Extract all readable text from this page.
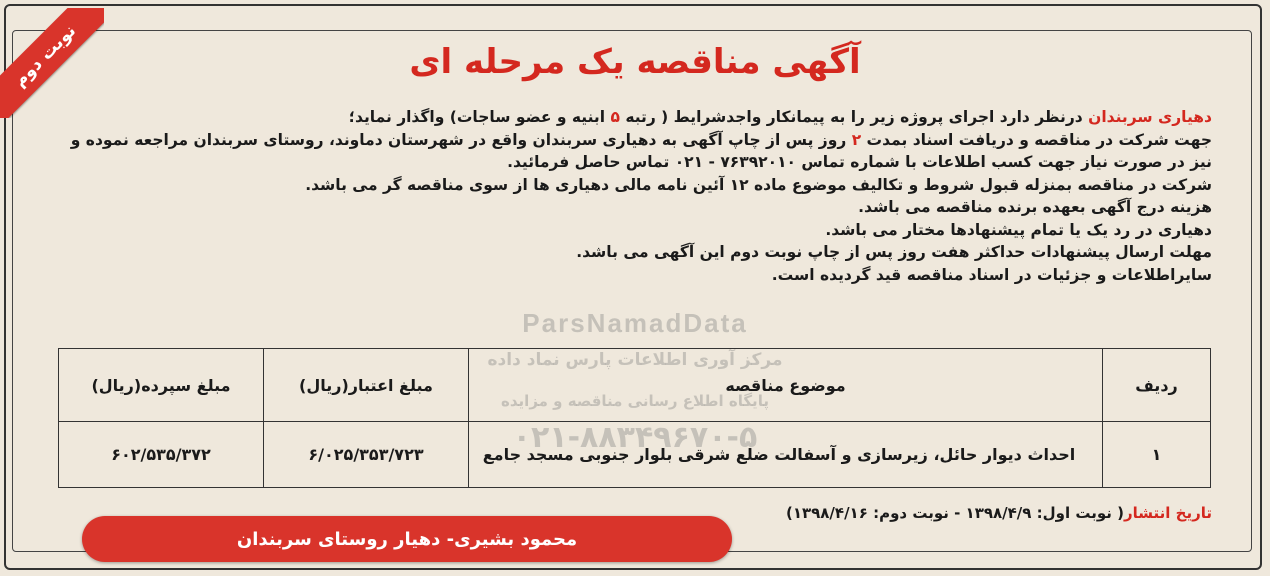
نوبت دوم	آگهی مناقصه یک مرحله ای
ParsNamadData
مرکز آوری اطلاعات پارس نماد داده
پایگاه اطلاع رسانی مناقصه و مزایده
۰۲۱-۸۸۳۴۹۶۷۰-۵

دهیاری سربندان درنظر دارد اجرای پروژه زیر را به پیمانکار واجدشرایط ( رتبه ۵ ابنیه و عضو ساجات) واگذار نماید؛

جهت شرکت در مناقصه و دریافت اسناد بمدت ۲ روز پس از چاپ آگهی به دهیاری سربندان واقع در شهرستان دماوند، روستای سربندان مراجعه نموده و

نیز در صورت نیاز جهت کسب اطلاعات با شماره تماس ۷۶۳۹۲۰۱۰ - ۰۲۱ تماس حاصل فرمائید.

شرکت در مناقصه بمنزله قبول شروط و تکالیف موضوع ماده ۱۲ آئین نامه مالی دهیاری ها از سوی مناقصه گر می باشد.

هزینه درج آگهی بعهده برنده مناقصه می باشد.

دهیاری در رد یک یا تمام پیشنهادها مختار می باشد.

مهلت ارسال پیشنهادات حداکثر هفت روز پس از چاپ نوبت دوم این آگهی می باشد.

سایراطلاعات و جزئیات در اسناد مناقصه قید گردیده است.

ردیف	موضوع مناقصه	مبلغ اعتبار(ریال)	مبلغ سپرده(ریال)
۱	احداث دیوار حائل، زیرسازی و آسفالت ضلع شرقی بلوار جنوبی مسجد جامع	۶/۰۲۵/۳۵۳/۷۲۳	۶۰۲/۵۳۵/۳۷۲
تاریخ انتشار( نوبت اول: ۱۳۹۸/۴/۹ - نوبت دوم: ۱۳۹۸/۴/۱۶)
محمود بشیری- دهیار روستای سربندان
